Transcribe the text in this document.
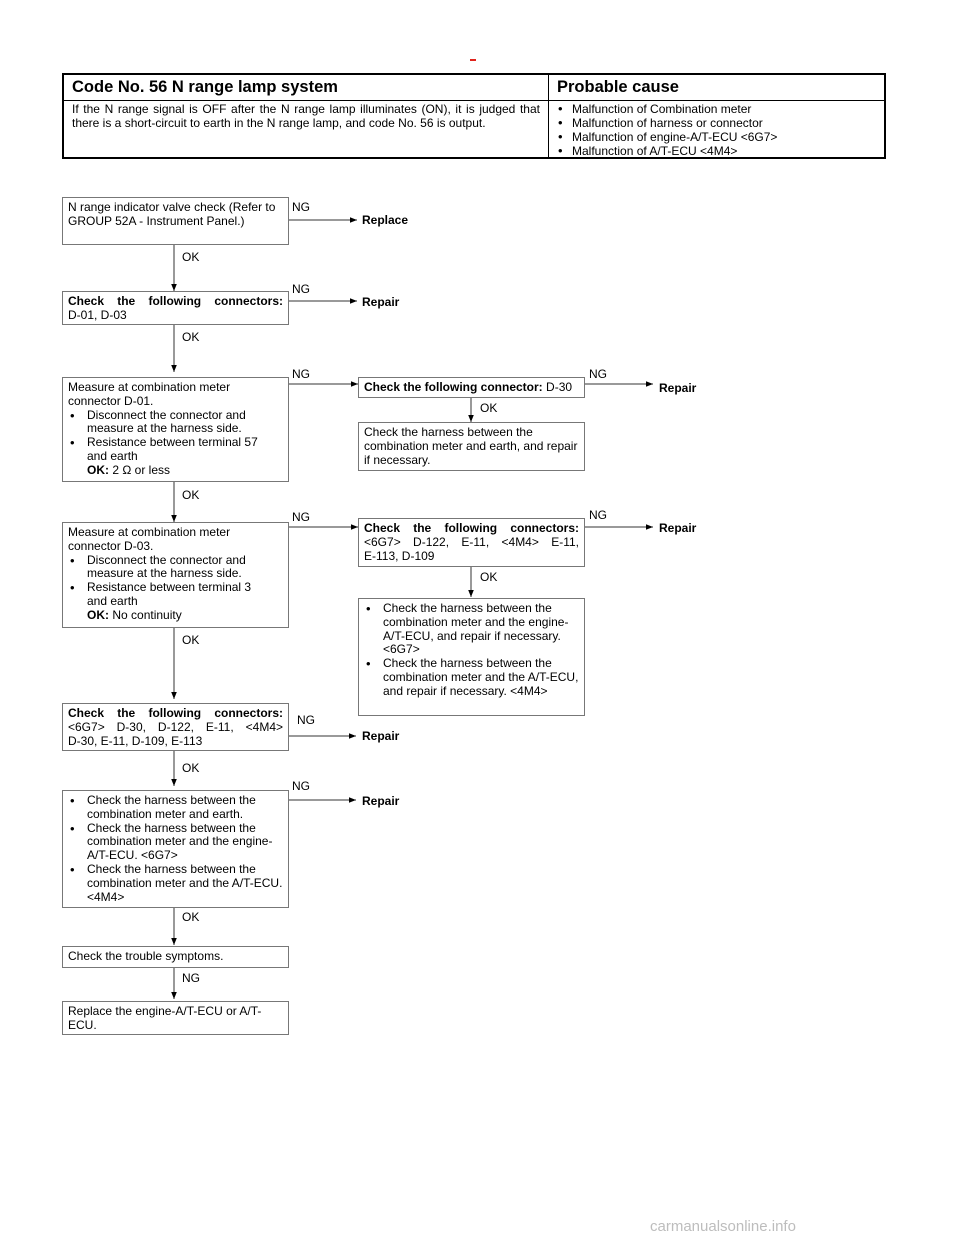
Code No. 56 N range lamp system	Probable cause
If the N range signal is OFF after the N range lamp illuminates (ON), it is judged that there is a short-circuit to earth in the N range lamp, and code No. 56 is output.
• Malfunction of Combination meter
• Malfunction of harness or connector
• Malfunction of engine-A/T-ECU <6G7>
• Malfunction of A/T-ECU <4M4>
N range indicator valve check (Refer to GROUP 52A - Instrument Panel.)
Check the following connectors:
D-01, D-03
Measure at combination meter
connector D-01.
• Disconnect the connector and
measure at the harness side.
• Resistance between terminal 57
and earth
OK: 2 Ω or less
Check the following connector: D-30
Check the harness between the combination meter and earth, and repair if necessary.
Measure at combination meter
connector D-03.
• Disconnect the connector and
measure at the harness side.
• Resistance between terminal 3
and earth
OK: No continuity
Check the following connectors:
<6G7> D-122, E-11, <4M4> E-11,
E-113, D-109
• Check the harness between the combination meter and the engine-A/T-ECU, and repair if necessary. <6G7>
• Check the harness between the combination meter and the A/T-ECU, and repair if necessary. <4M4>
Check the following connectors:
<6G7> D-30, D-122, E-11, <4M4>
D-30, E-11, D-109, E-113
• Check the harness between the combination meter and earth.
• Check the harness between the combination meter and the engine-A/T-ECU. <6G7>
• Check the harness between the combination meter and the A/T-ECU. <4M4>
Check the trouble symptoms.
Replace the engine-A/T-ECU or A/T-ECU.
OK
OK
OK
OK
OK
OK
OK
OK
NG
NG
NG	NG
NG	NG
NG
NG
NG
Replace
Repair
Repair
Repair
Repair
Repair
carmanualsonline.info
